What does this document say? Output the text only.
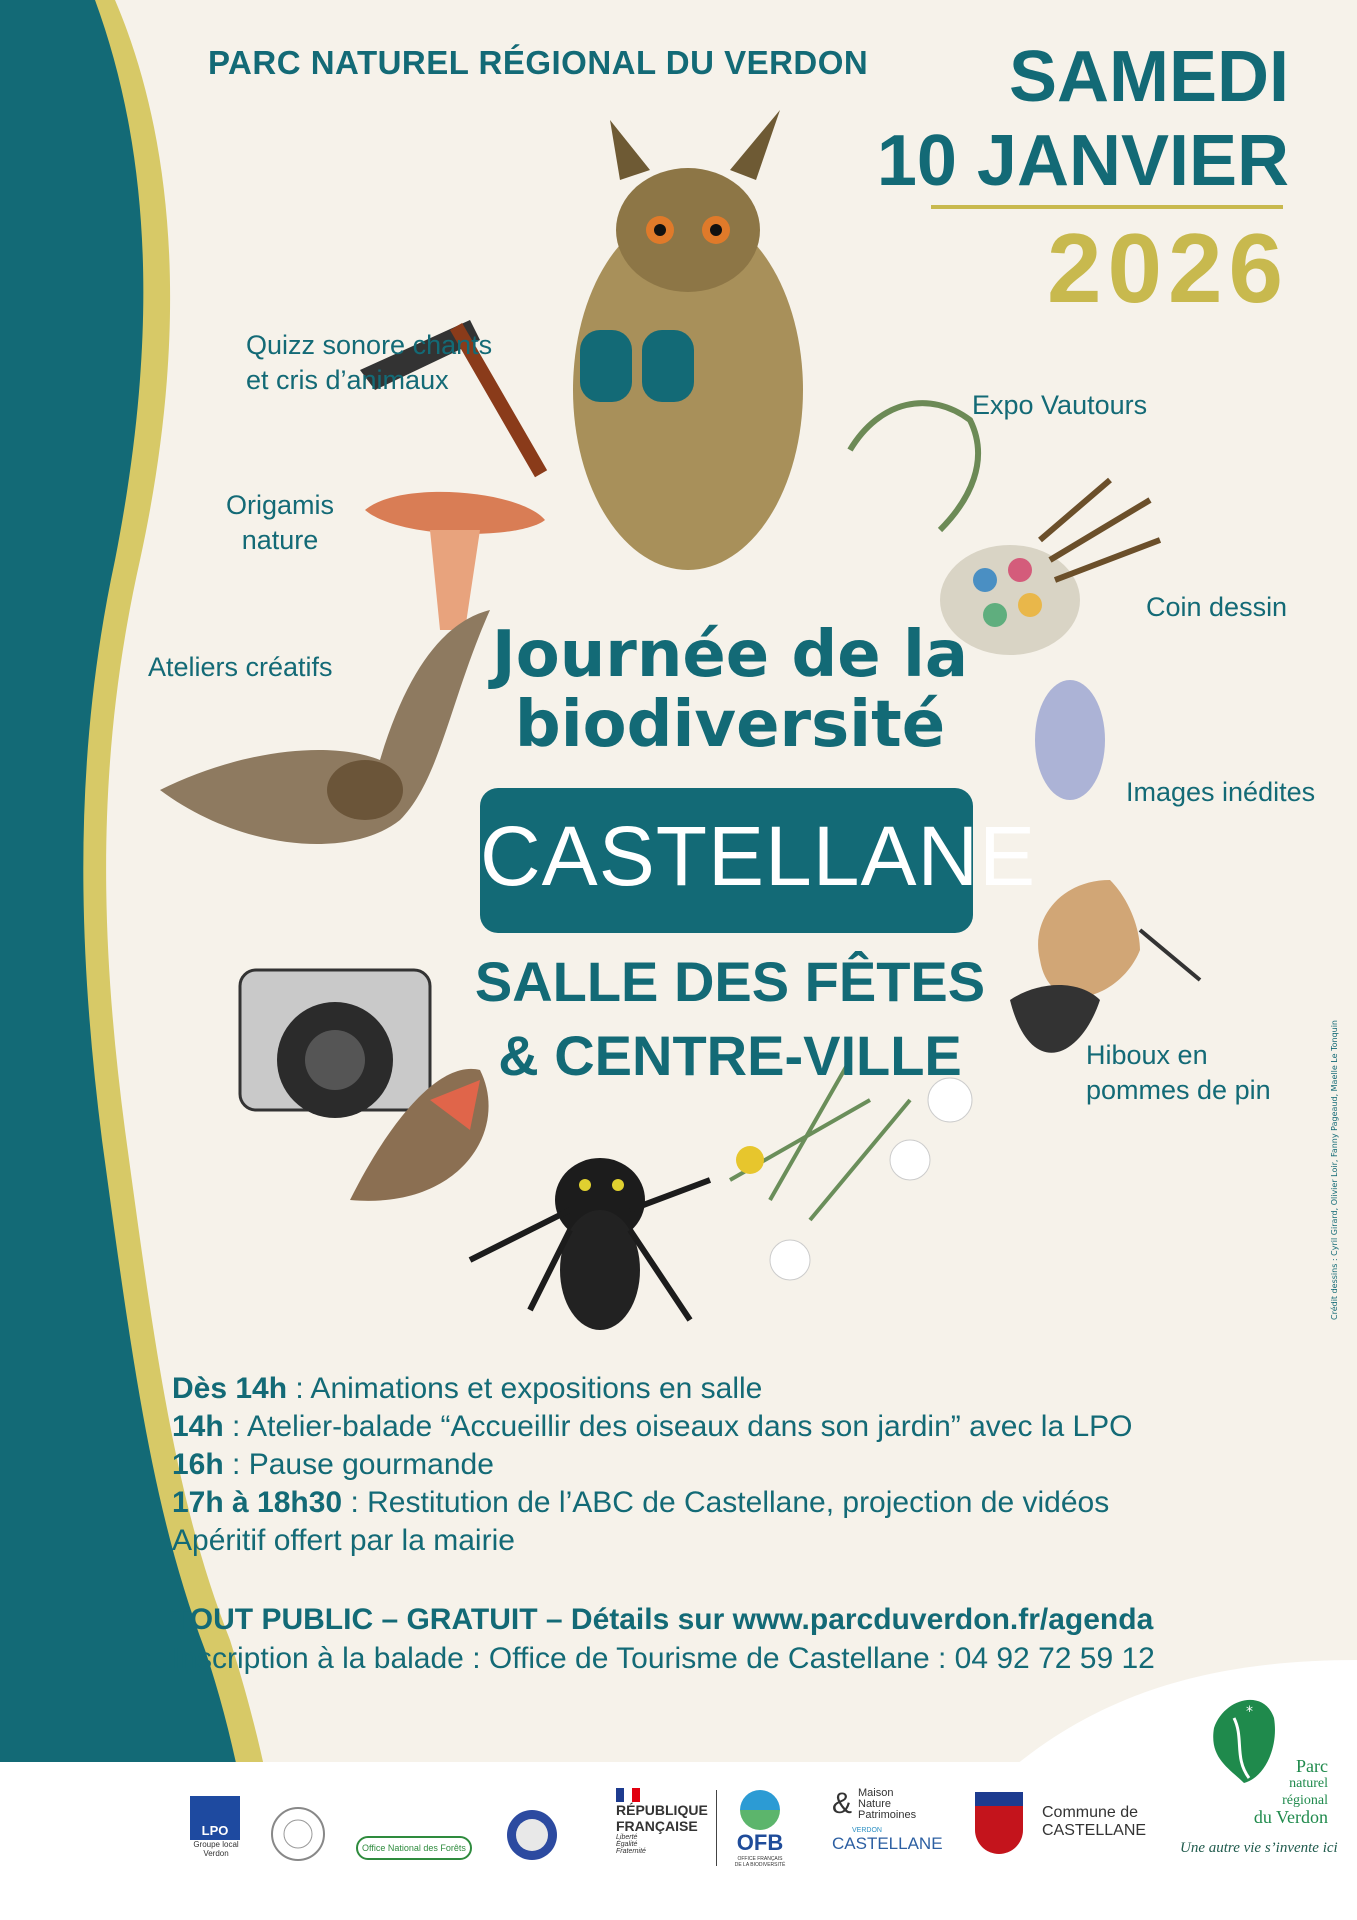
PARC NATUREL RÉGIONAL DU VERDON SAMEDI
10 JANVIER
2026
Quizz sonore chants
et cris d’animaux
Origamis
nature
Ateliers créatifs
Expo Vautours
Coin dessin
Images inédites
Hiboux en
pommes de pin
Journée de la
biodiversité
CASTELLANE
SALLE DES FÊTES
& CENTRE-VILLE
Dès 14h : Animations et expositions en salle
14h : Atelier-balade “Accueillir des oiseaux dans son jardin” avec la LPO
16h : Pause gourmande
17h à 18h30 : Restitution de l’ABC de Castellane, projection de vidéos
Apéritif offert par la mairie
TOUT PUBLIC – GRATUIT – Détails sur www.parcduverdon.fr/agenda
Inscription à la balade : Office de Tourisme de Castellane : 04 92 72 59 12
Crédit dessins : Cyril Girard, Olivier Loir, Fanny Pageaud, Maelle Le Tonquin
LPO
Groupe local
Verdon
Office National des Forêts
RÉPUBLIQUE
FRANÇAISE
Liberté
Égalité
Fraternité	OFB
OFFICE FRANÇAIS
DE LA BIODIVERSITÉ
& Maison
Nature
Patrimoines
VERDON
CASTELLANE
Commune de
CASTELLANE
*
Parc
naturel
régional
du Verdon
Une autre vie s’invente ici
